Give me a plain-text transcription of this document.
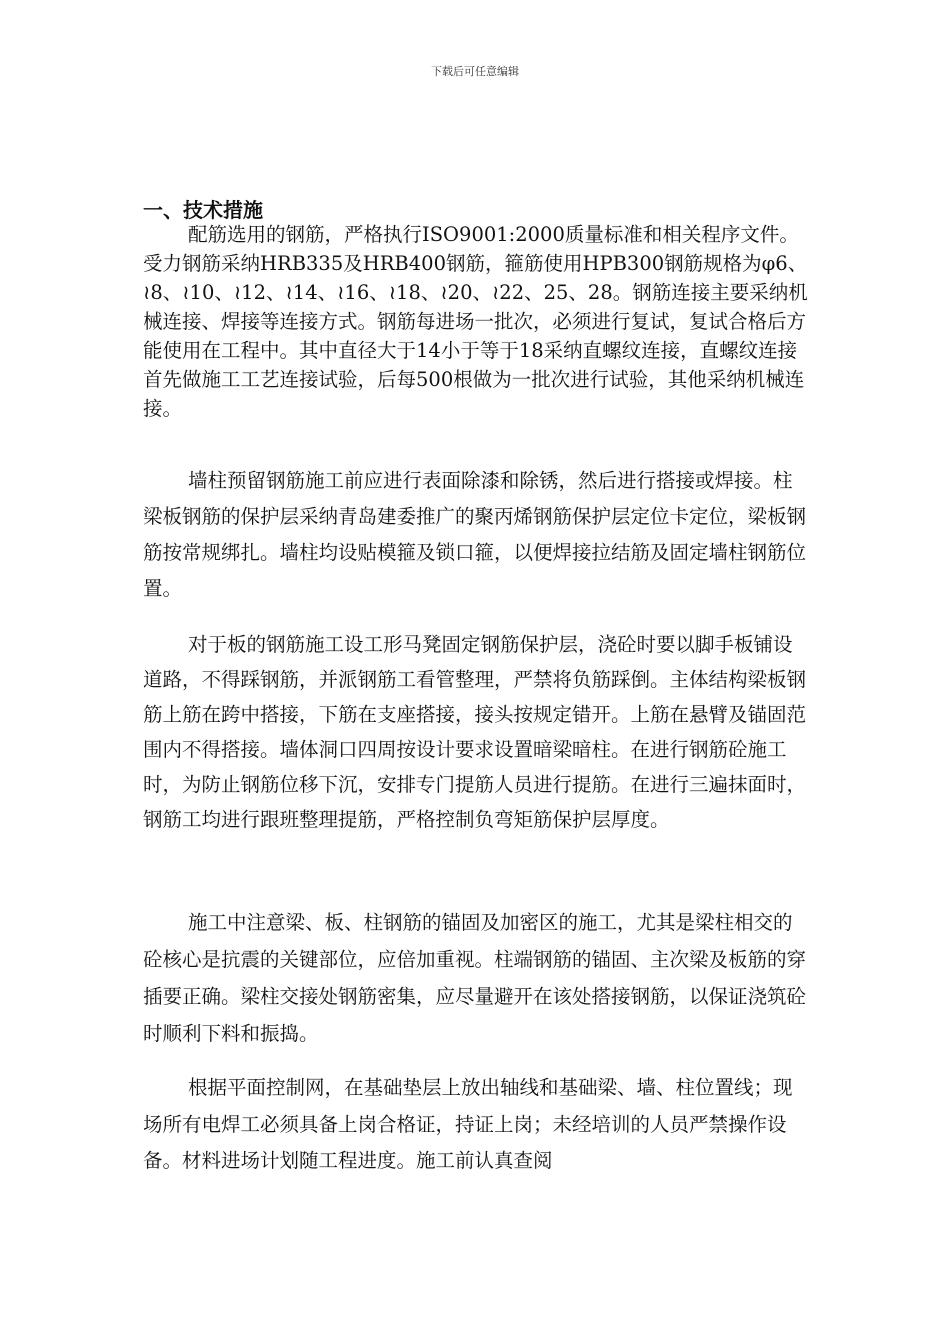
下载后可任意编辑
一、技术措施

配筋选用的钢筋，严格执行ISO9001:2000质量标准和相关程序文件。受力钢筋采纳HRB335及HRB400钢筋，箍筋使用HPB300钢筋规格为φ6、≀8、≀10、≀12、≀14、≀16、≀18、≀20、≀22、25、28。钢筋连接主要采纳机械连接、焊接等连接方式。钢筋每进场一批次，必须进行复试，复试合格后方能使用在工程中。其中直径大于14小于等于18采纳直螺纹连接，直螺纹连接首先做施工工艺连接试验，后每500根做为一批次进行试验，其他采纳机械连接。

墙柱预留钢筋施工前应进行表面除漆和除锈，然后进行搭接或焊接。柱梁板钢筋的保护层采纳青岛建委推广的聚丙烯钢筋保护层定位卡定位，梁板钢筋按常规绑扎。墙柱均设贴模箍及锁口箍，以便焊接拉结筋及固定墙柱钢筋位置。

对于板的钢筋施工设工形马凳固定钢筋保护层，浇砼时要以脚手板铺设道路，不得踩钢筋，并派钢筋工看管整理，严禁将负筋踩倒。主体结构梁板钢筋上筋在跨中搭接，下筋在支座搭接，接头按规定错开。上筋在悬臂及锚固范围内不得搭接。墙体洞口四周按设计要求设置暗梁暗柱。在进行钢筋砼施工时，为防止钢筋位移下沉，安排专门提筋人员进行提筋。在进行三遍抹面时，钢筋工均进行跟班整理提筋，严格控制负弯矩筋保护层厚度。

施工中注意梁、板、柱钢筋的锚固及加密区的施工，尤其是梁柱相交的砼核心是抗震的关键部位，应倍加重视。柱端钢筋的锚固、主次梁及板筋的穿插要正确。梁柱交接处钢筋密集，应尽量避开在该处搭接钢筋，以保证浇筑砼时顺利下料和振捣。

根据平面控制网，在基础垫层上放出轴线和基础梁、墙、柱位置线；现场所有电焊工必须具备上岗合格证，持证上岗；未经培训的人员严禁操作设备。材料进场计划随工程进度。施工前认真查阅
